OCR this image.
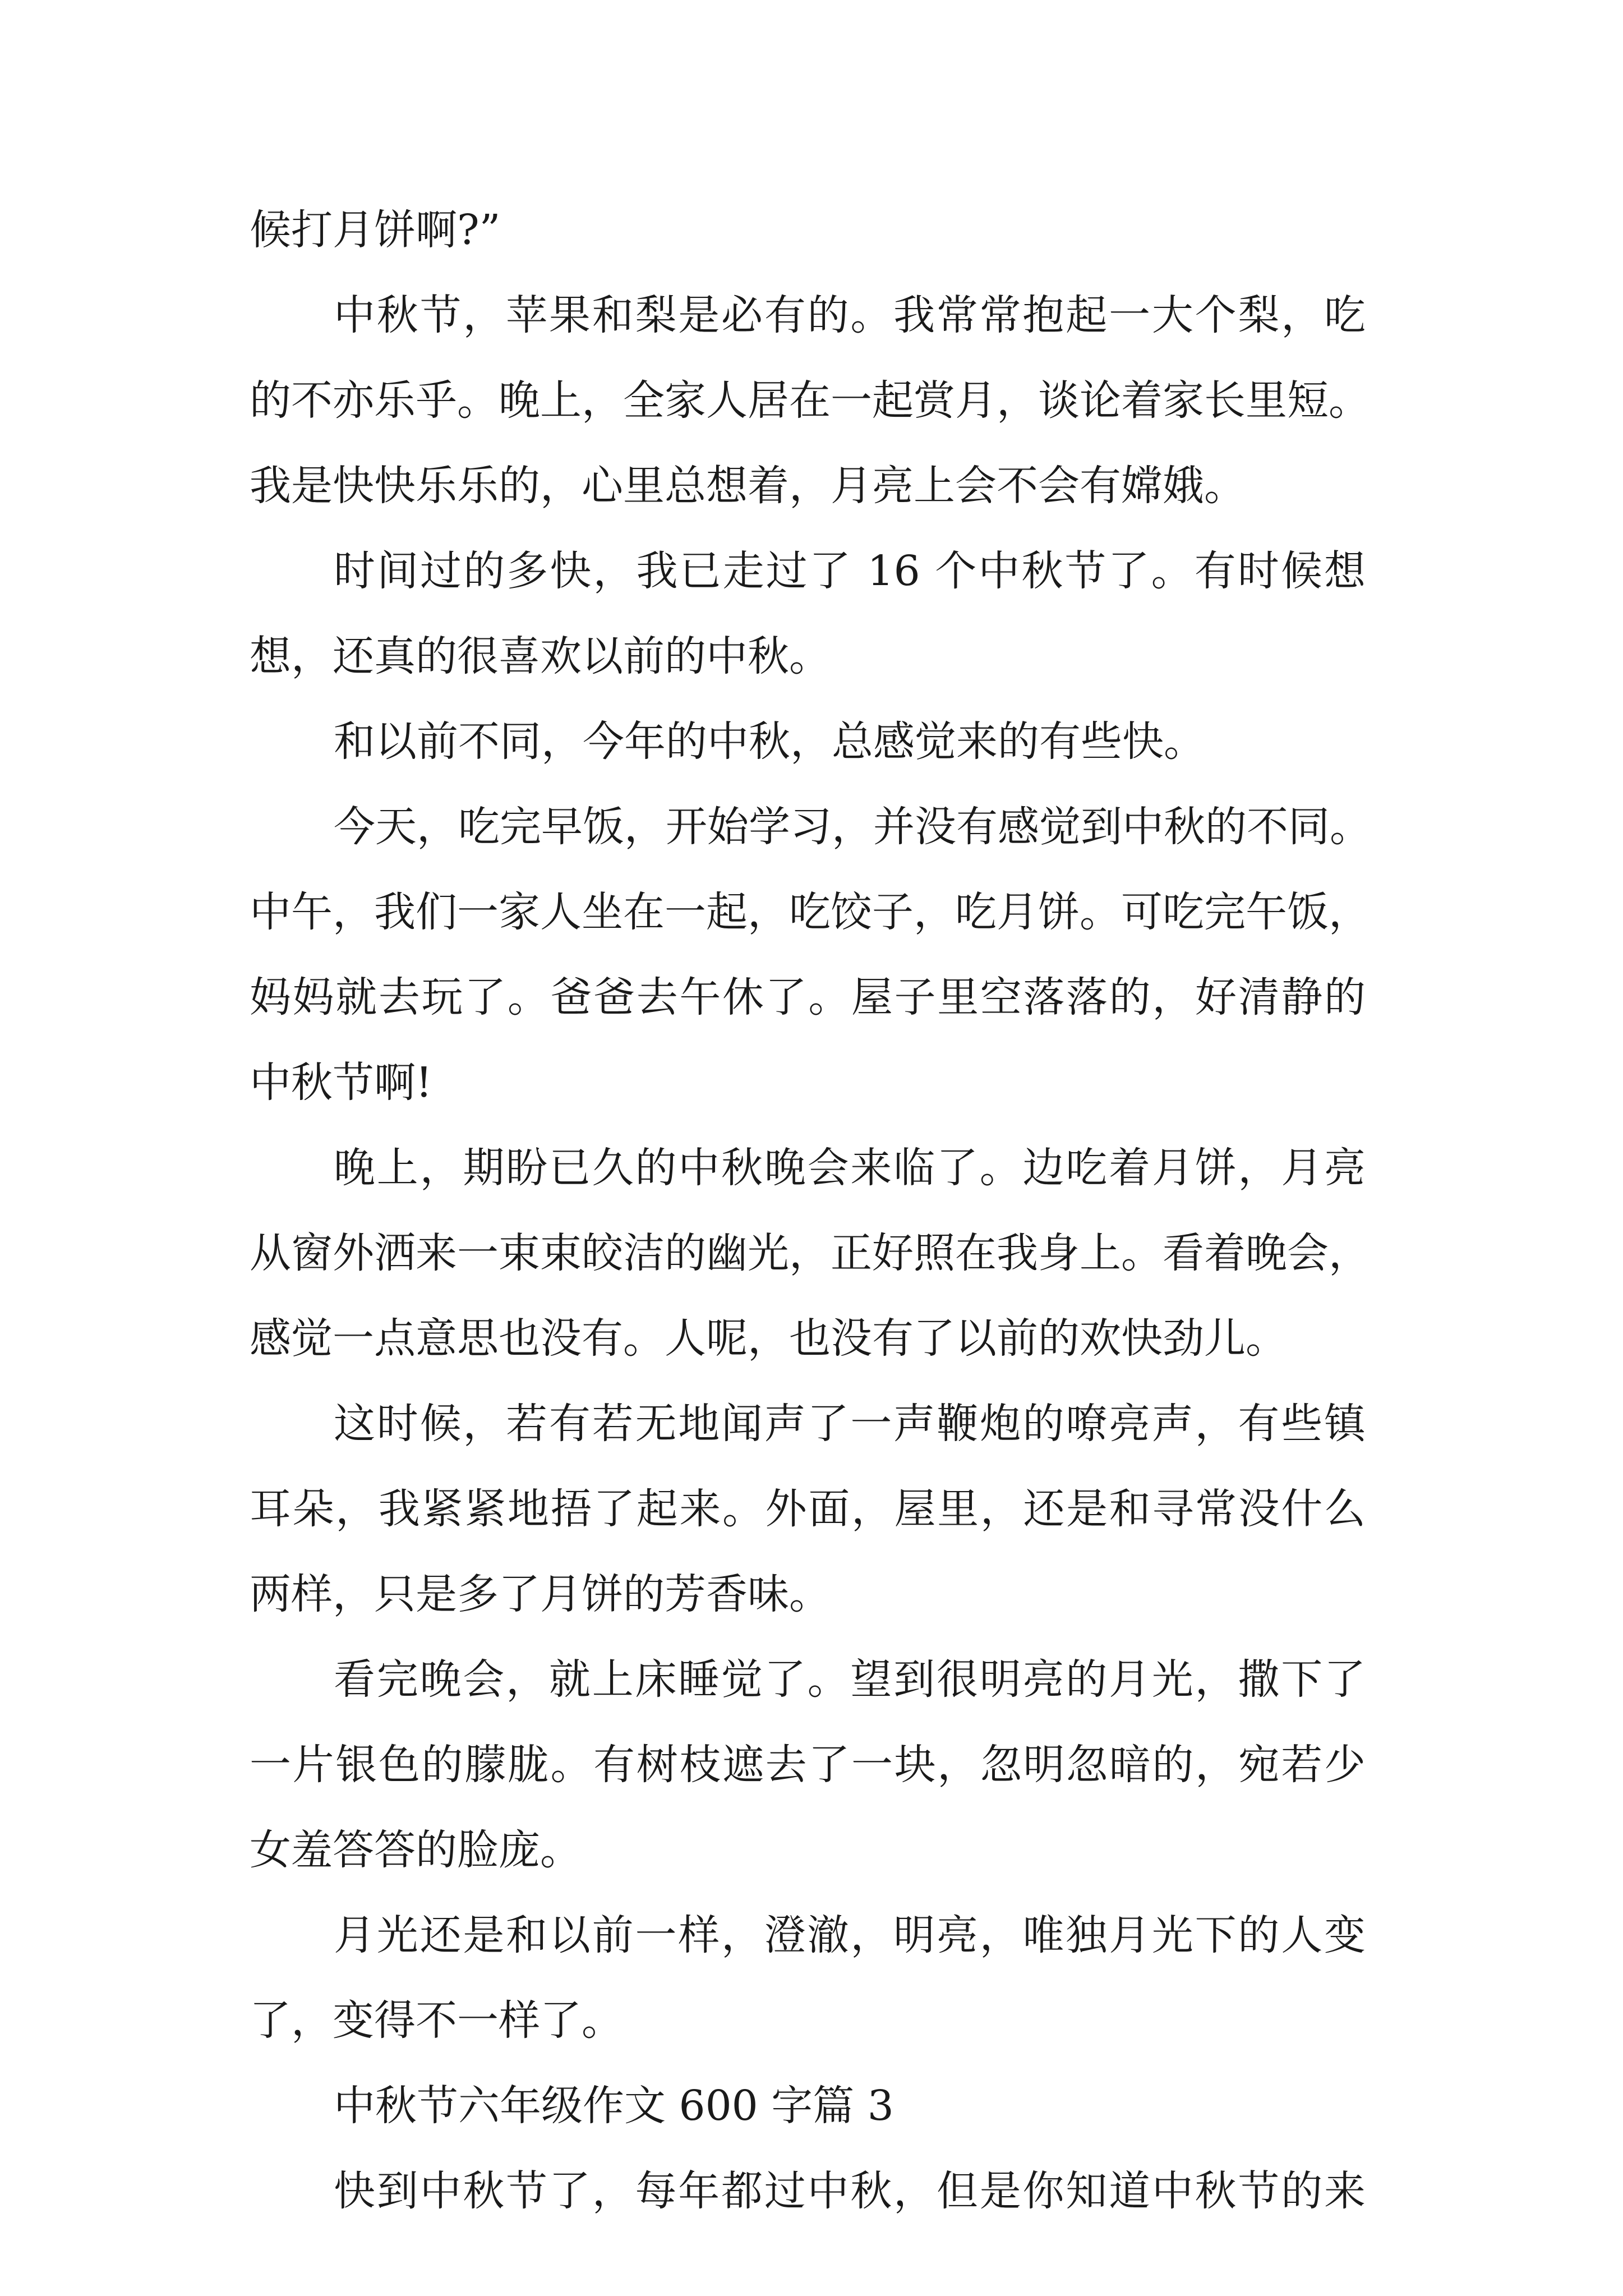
候打月饼啊?”
中秋节，苹果和梨是必有的。我常常抱起一大个梨，吃
的不亦乐乎。晚上，全家人居在一起赏月，谈论着家长里短。
我是快快乐乐的，心里总想着，月亮上会不会有嫦娥。
时间过的多快，我已走过了 16 个中秋节了。有时候想
想，还真的很喜欢以前的中秋。
和以前不同，今年的中秋，总感觉来的有些快。
今天，吃完早饭，开始学习，并没有感觉到中秋的不同。
中午，我们一家人坐在一起，吃饺子，吃月饼。可吃完午饭，
妈妈就去玩了。爸爸去午休了。屋子里空落落的，好清静的
中秋节啊!
晚上，期盼已久的中秋晚会来临了。边吃着月饼，月亮
从窗外洒来一束束皎洁的幽光，正好照在我身上。看着晚会，
感觉一点意思也没有。人呢，也没有了以前的欢快劲儿。
这时候，若有若无地闻声了一声鞭炮的嘹亮声，有些镇
耳朵，我紧紧地捂了起来。外面，屋里，还是和寻常没什么
两样，只是多了月饼的芳香味。
看完晚会，就上床睡觉了。望到很明亮的月光，撒下了
一片银色的朦胧。有树枝遮去了一块，忽明忽暗的，宛若少
女羞答答的脸庞。
月光还是和以前一样，澄澈，明亮，唯独月光下的人变
了，变得不一样了。
中秋节六年级作文 600 字篇 3
快到中秋节了，每年都过中秋，但是你知道中秋节的来
